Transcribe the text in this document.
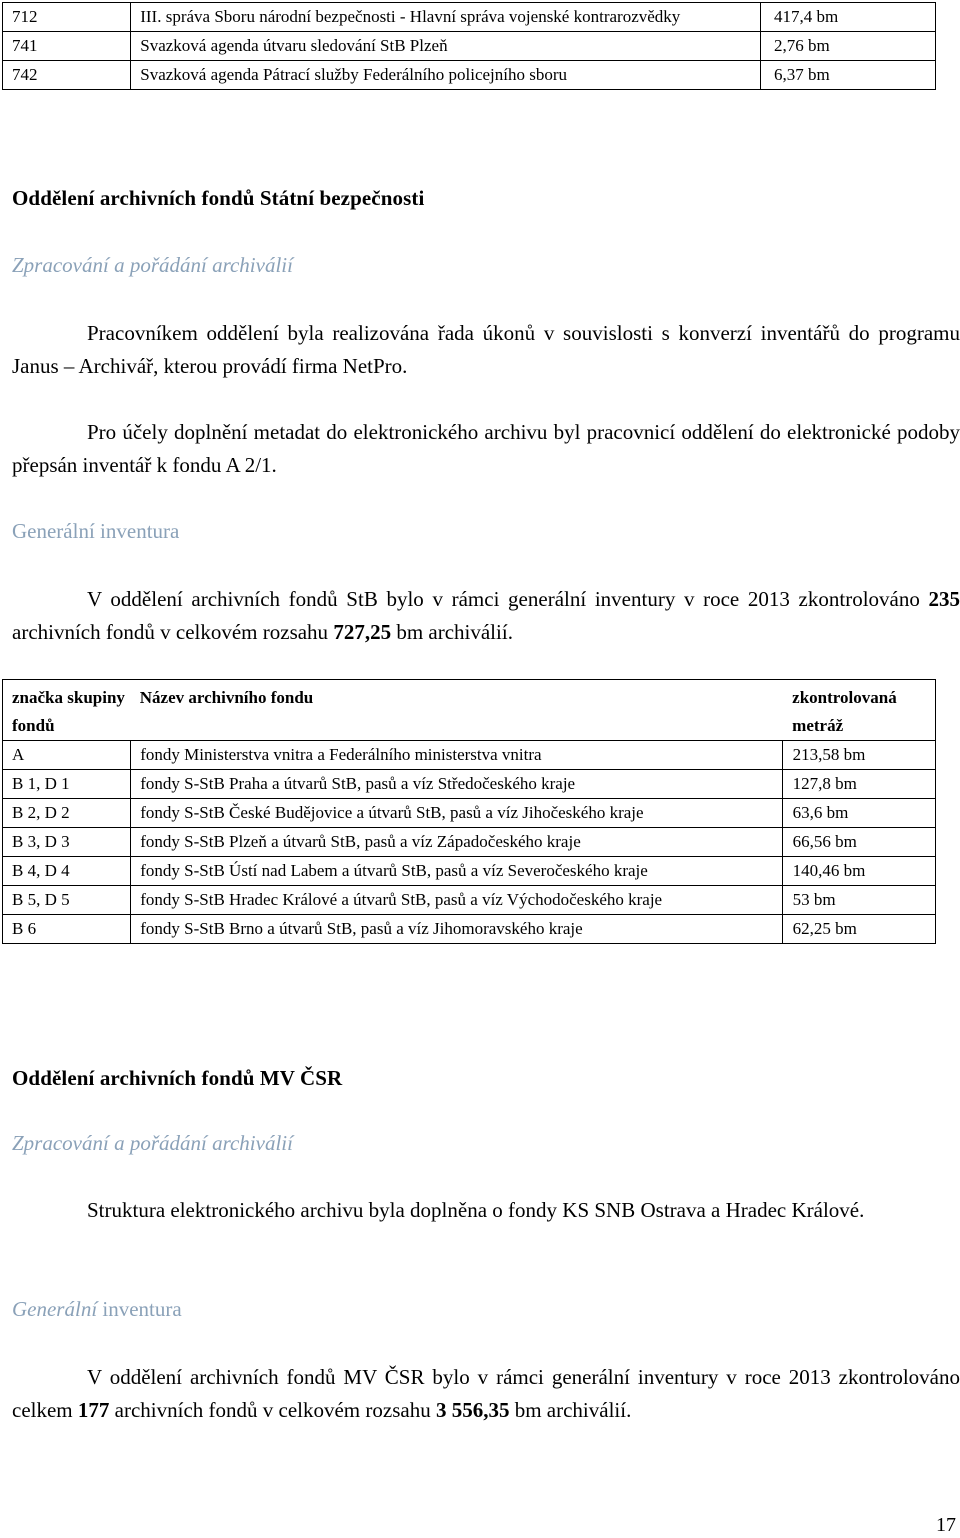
712	III. správa Sboru národní bezpečnosti - Hlavní správa vojenské kontrarozvědky	417,4 bm
741	Svazková agenda útvaru sledování StB Plzeň	2,76 bm
742	Svazková agenda Pátrací služby Federálního policejního sboru	6,37 bm
Oddělení archivních fondů Státní bezpečnosti
Zpracování a pořádání archiválií

Pracovníkem oddělení byla realizována řada úkonů v souvislosti s konverzí inventářů do programu Janus – Archivář, kterou provádí firma NetPro.

Pro účely doplnění metadat do elektronického archivu byl pracovnicí oddělení do elektronické podoby přepsán inventář k fondu A 2/1.

Generální inventura

V oddělení archivních fondů StB bylo v rámci generální inventury v roce 2013 zkontrolováno 235 archivních fondů v celkovém rozsahu 727,25 bm archiválií.

značka skupiny fondů	Název archivního fondu	zkontrolovaná metráž
A	fondy Ministerstva vnitra a Federálního ministerstva vnitra	213,58 bm
B 1, D 1	fondy S-StB Praha a útvarů StB, pasů a víz Středočeského kraje	127,8 bm
B 2, D 2	fondy S-StB České Budějovice a útvarů StB, pasů a víz Jihočeského kraje	63,6 bm
B 3, D 3	fondy S-StB Plzeň a útvarů StB, pasů a víz Západočeského kraje	66,56 bm
B 4, D 4	fondy S-StB Ústí nad Labem a útvarů StB, pasů a víz Severočeského kraje	140,46 bm
B 5, D 5	fondy S-StB Hradec Králové a útvarů StB, pasů a víz Východočeského kraje	53 bm
B 6	fondy S-StB Brno a útvarů StB, pasů a víz Jihomoravského kraje	62,25 bm
Oddělení archivních fondů MV ČSR
Zpracování a pořádání archiválií

Struktura elektronického archivu byla doplněna o fondy KS SNB Ostrava a Hradec Králové.

Generální inventura

V oddělení archivních fondů MV ČSR bylo v rámci generální inventury v roce 2013 zkontrolováno celkem 177 archivních fondů v celkovém rozsahu 3 556,35 bm archiválií.

17
